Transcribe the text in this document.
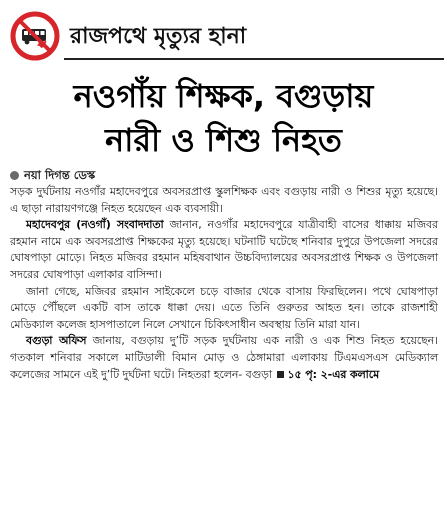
রাজপথে মৃত্যুর হানা
নওগাঁয় শিক্ষক, বগুড়ায়
নারী ও শিশু নিহত
নয়া দিগন্ত ডেস্ক

সড়ক দুর্ঘটনায় নওগাঁর মহাদেবপুরে অবসরপ্রাপ্ত স্কুলশিক্ষক এবং বগুড়ায় নারী ও শিশুর মৃত্যু হয়েছে। এ ছাড়া নারায়ণগঞ্জে নিহত হয়েছেন এক ব্যবসায়ী।

মহাদেবপুর (নওগাঁ) সংবাদদাতা জানান, নওগাঁর মহাদেবপুরে যাত্রীবাহী বাসের ধাক্কায় মজিবর রহমান নামে এক অবসরপ্রাপ্ত শিক্ষকের মৃত্যু হয়েছে। ঘটনাটি ঘটেছে শনিবার দুপুরে উপজেলা সদরের ঘোষপাড়া মোড়ে। নিহত মজিবর রহমান মহিষবাথান উচ্চবিদ্যালয়ের অবসরপ্রাপ্ত শিক্ষক ও উপজেলা সদরের ঘোষপাড়া এলাকার বাসিন্দা।

জানা গেছে, মজিবর রহমান সাইকেলে চড়ে বাজার থেকে বাসায় ফিরছিলেন। পথে ঘোষপাড়া মোড়ে পৌঁছলে একটি বাস তাকে ধাক্কা দেয়। এতে তিনি গুরুতর আহত হন। তাকে রাজশাহী মেডিক্যাল কলেজ হাসপাতালে নিলে সেখানে চিকিৎসাধীন অবস্থায় তিনি মারা যান।

বগুড়া অফিস জানায়, বগুড়ায় দু’টি সড়ক দুর্ঘটনায় এক নারী ও এক শিশু নিহত হয়েছেন। গতকাল শনিবার সকালে মাটিডালী বিমান মোড় ও ঠেঙ্গামারা এলাকায় টিএমএসএস মেডিক্যাল কলেজের সামনে এই দু’টি দুর্ঘটনা ঘটে। নিহতরা হলেন- বগুড়া ১৫ পৃ: ২-এর কলামে
